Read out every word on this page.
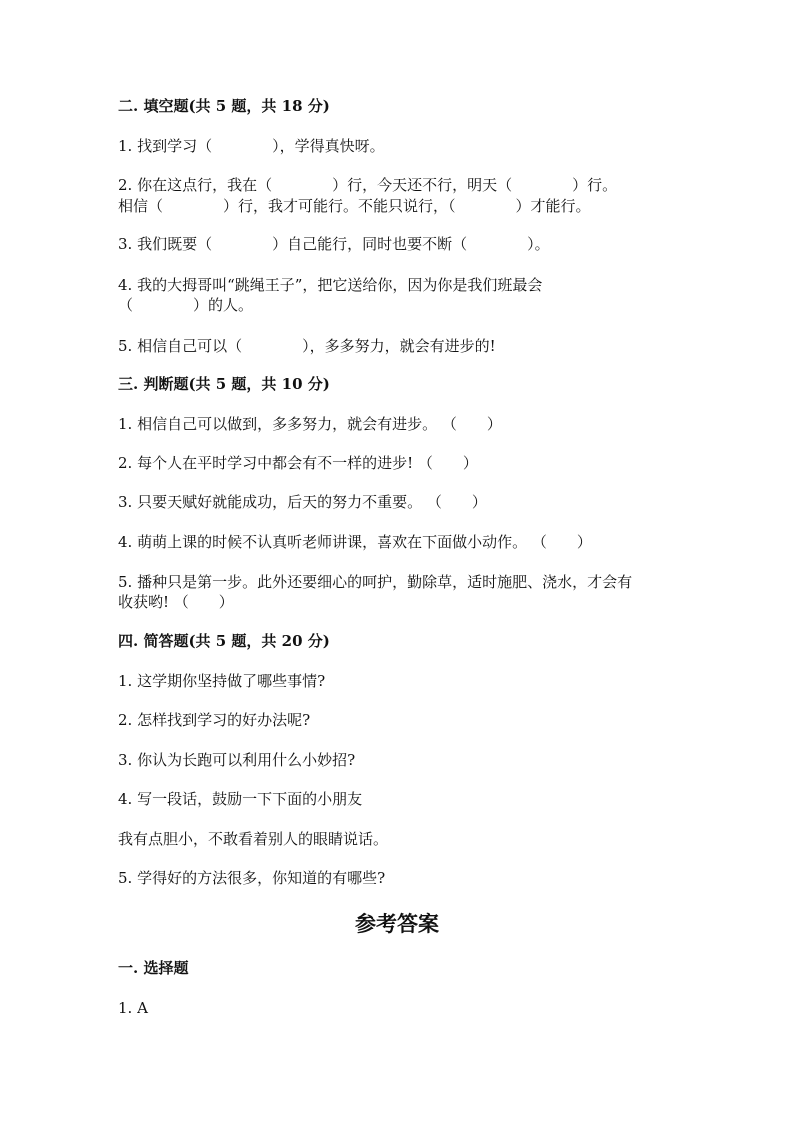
二. 填空题(共 5 题，共 18 分)

1. 找到学习（　　　　），学得真快呀。

2. 你在这点行，我在（　　　　）行，今天还不行，明天（　　　　）行。

相信（　　　　）行，我才可能行。不能只说行，（　　　　）才能行。

3. 我们既要（　　　　）自己能行，同时也要不断（　　　　）。

4. 我的大拇哥叫“跳绳王子”，把它送给你，因为你是我们班最会

（　　　　）的人。

5. 相信自己可以（　　　　），多多努力，就会有进步的!

三. 判断题(共 5 题，共 10 分)

1. 相信自己可以做到，多多努力，就会有进步。 （　　）

2. 每个人在平时学习中都会有不一样的进步! （　　）

3. 只要天赋好就能成功，后天的努力不重要。 （　　）

4. 萌萌上课的时候不认真听老师讲课，喜欢在下面做小动作。 （　　）

5. 播种只是第一步。此外还要细心的呵护，勤除草，适时施肥、浇水，才会有

收获哟! （　　）

四. 简答题(共 5 题，共 20 分)

1. 这学期你坚持做了哪些事情?

2. 怎样找到学习的好办法呢?

3. 你认为长跑可以利用什么小妙招?

4. 写一段话，鼓励一下下面的小朋友

我有点胆小，不敢看着别人的眼睛说话。

5. 学得好的方法很多，你知道的有哪些?

参考答案

一. 选择题

1. A
